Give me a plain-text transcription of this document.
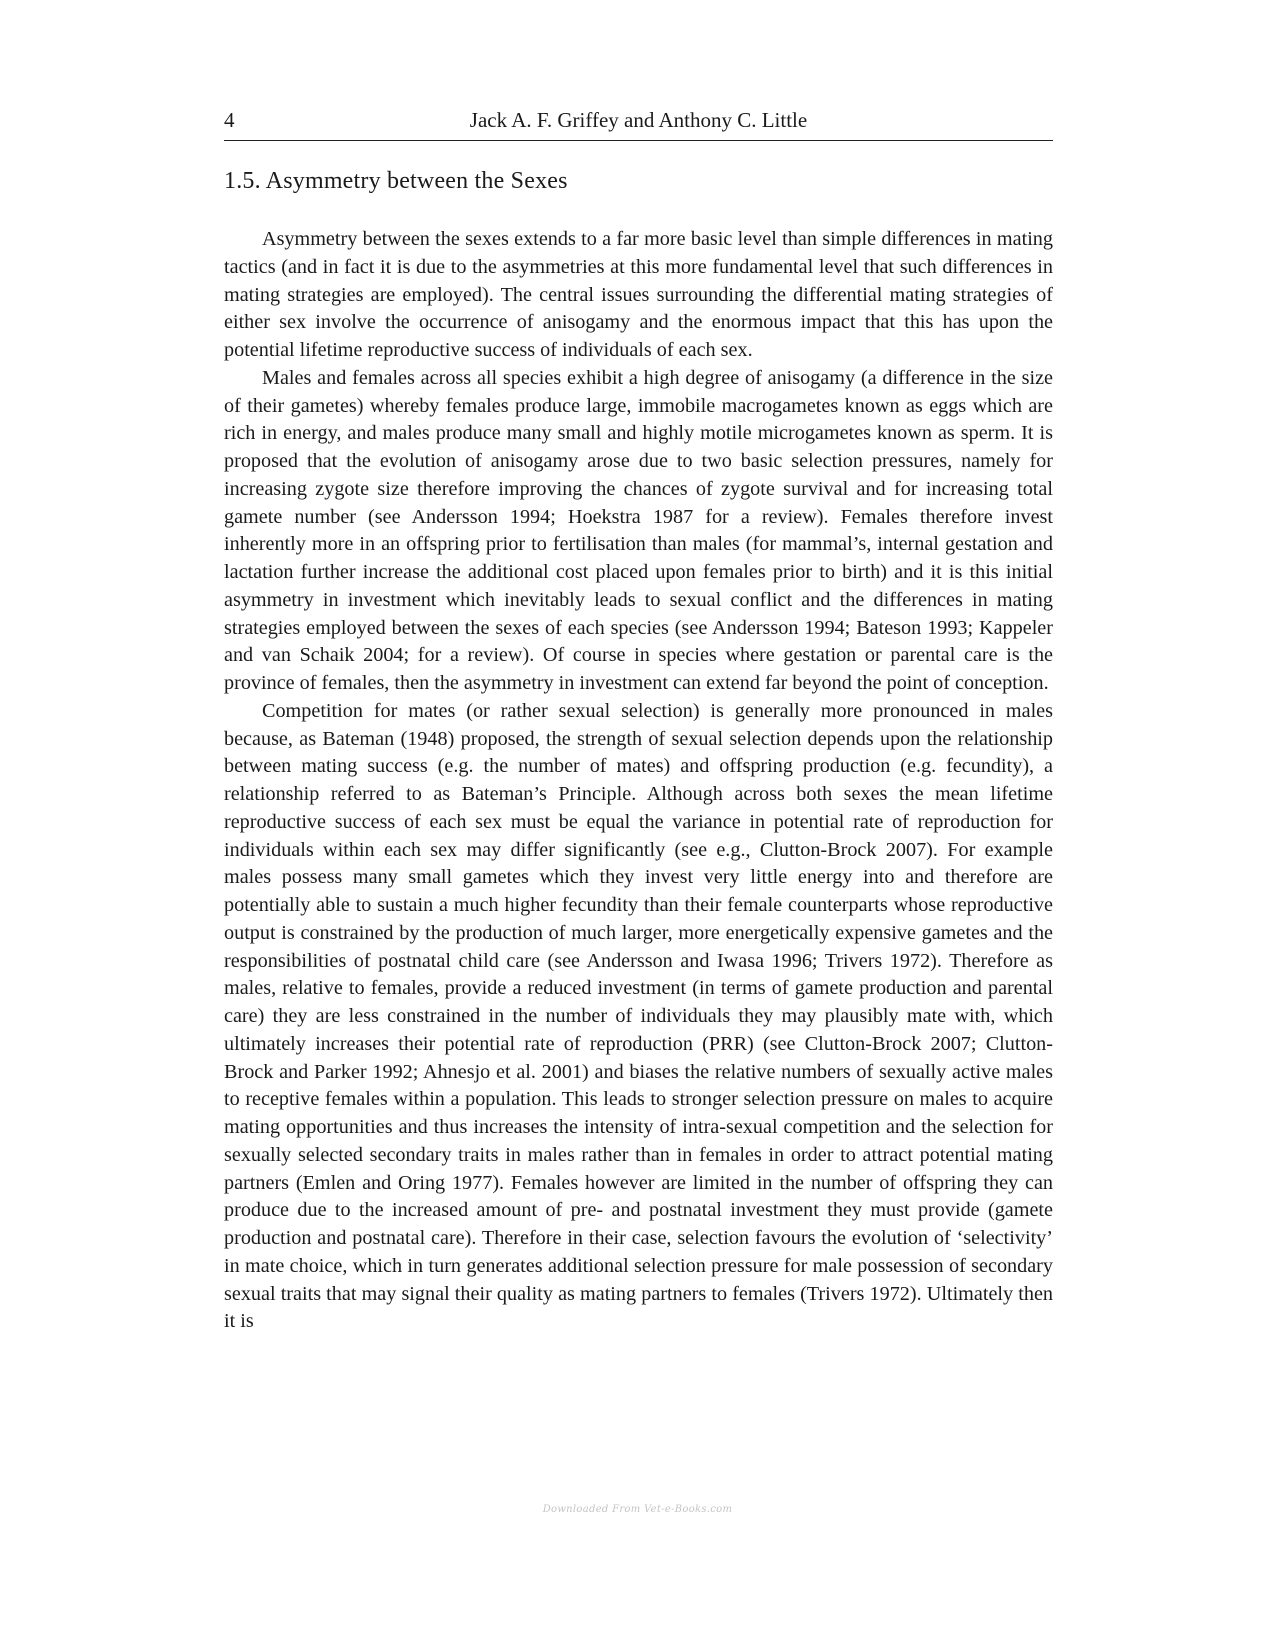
4	Jack A. F. Griffey and Anthony C. Little
1.5. Asymmetry between the Sexes

Asymmetry between the sexes extends to a far more basic level than simple differences in mating tactics (and in fact it is due to the asymmetries at this more fundamental level that such differences in mating strategies are employed). The central issues surrounding the differential mating strategies of either sex involve the occurrence of anisogamy and the enormous impact that this has upon the potential lifetime reproductive success of individuals of each sex.

Males and females across all species exhibit a high degree of anisogamy (a difference in the size of their gametes) whereby females produce large, immobile macrogametes known as eggs which are rich in energy, and males produce many small and highly motile microgametes known as sperm. It is proposed that the evolution of anisogamy arose due to two basic selection pressures, namely for increasing zygote size therefore improving the chances of zygote survival and for increasing total gamete number (see Andersson 1994; Hoekstra 1987 for a review). Females therefore invest inherently more in an offspring prior to fertilisation than males (for mammal’s, internal gestation and lactation further increase the additional cost placed upon females prior to birth) and it is this initial asymmetry in investment which inevitably leads to sexual conflict and the differences in mating strategies employed between the sexes of each species (see Andersson 1994; Bateson 1993; Kappeler and van Schaik 2004; for a review). Of course in species where gestation or parental care is the province of females, then the asymmetry in investment can extend far beyond the point of conception.

Competition for mates (or rather sexual selection) is generally more pronounced in males because, as Bateman (1948) proposed, the strength of sexual selection depends upon the relationship between mating success (e.g. the number of mates) and offspring production (e.g. fecundity), a relationship referred to as Bateman’s Principle. Although across both sexes the mean lifetime reproductive success of each sex must be equal the variance in potential rate of reproduction for individuals within each sex may differ significantly (see e.g., Clutton-Brock 2007). For example males possess many small gametes which they invest very little energy into and therefore are potentially able to sustain a much higher fecundity than their female counterparts whose reproductive output is constrained by the production of much larger, more energetically expensive gametes and the responsibilities of postnatal child care (see Andersson and Iwasa 1996; Trivers 1972). Therefore as males, relative to females, provide a reduced investment (in terms of gamete production and parental care) they are less constrained in the number of individuals they may plausibly mate with, which ultimately increases their potential rate of reproduction (PRR) (see Clutton-Brock 2007; Clutton-Brock and Parker 1992; Ahnesjo et al. 2001) and biases the relative numbers of sexually active males to receptive females within a population. This leads to stronger selection pressure on males to acquire mating opportunities and thus increases the intensity of intra-sexual competition and the selection for sexually selected secondary traits in males rather than in females in order to attract potential mating partners (Emlen and Oring 1977). Females however are limited in the number of offspring they can produce due to the increased amount of pre- and postnatal investment they must provide (gamete production and postnatal care). Therefore in their case, selection favours the evolution of ‘selectivity’ in mate choice, which in turn generates additional selection pressure for male possession of secondary sexual traits that may signal their quality as mating partners to females (Trivers 1972). Ultimately then it is

Downloaded From Vet-e-Books.com
